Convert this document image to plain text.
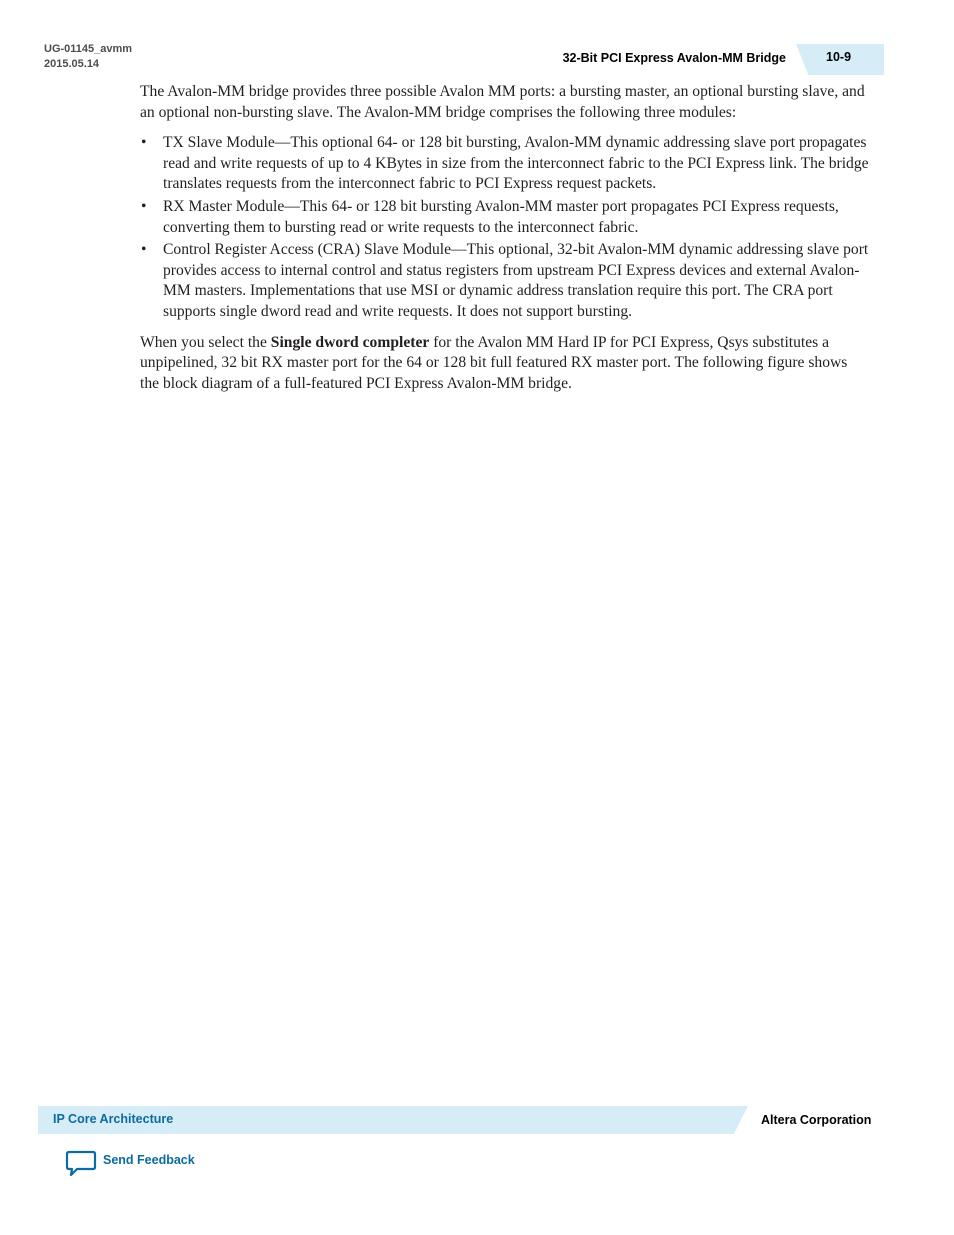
UG-01145_avmm
2015.05.14	32-Bit PCI Express Avalon-MM Bridge	10-9

The Avalon-MM bridge provides three possible Avalon MM ports: a bursting master, an optional bursting slave, and an optional non-bursting slave. The Avalon-MM bridge comprises the following three modules:

• TX Slave Module—This optional 64- or 128 bit bursting, Avalon-MM dynamic addressing slave port propagates read and write requests of up to 4 KBytes in size from the interconnect fabric to the PCI Express link. The bridge translates requests from the interconnect fabric to PCI Express request packets.
• RX Master Module—This 64- or 128 bit bursting Avalon-MM master port propagates PCI Express requests, converting them to bursting read or write requests to the interconnect fabric.
• Control Register Access (CRA) Slave Module—This optional, 32-bit Avalon-MM dynamic addressing slave port provides access to internal control and status registers from upstream PCI Express devices and external Avalon-MM masters. Implementations that use MSI or dynamic address translation require this port. The CRA port supports single dword read and write requests. It does not support bursting.

When you select the Single dword completer for the Avalon MM Hard IP for PCI Express, Qsys substitutes a unpipelined, 32 bit RX master port for the 64 or 128 bit full featured RX master port. The following figure shows the block diagram of a full-featured PCI Express Avalon-MM bridge.

IP Core Architecture	Altera Corporation
Send Feedback
